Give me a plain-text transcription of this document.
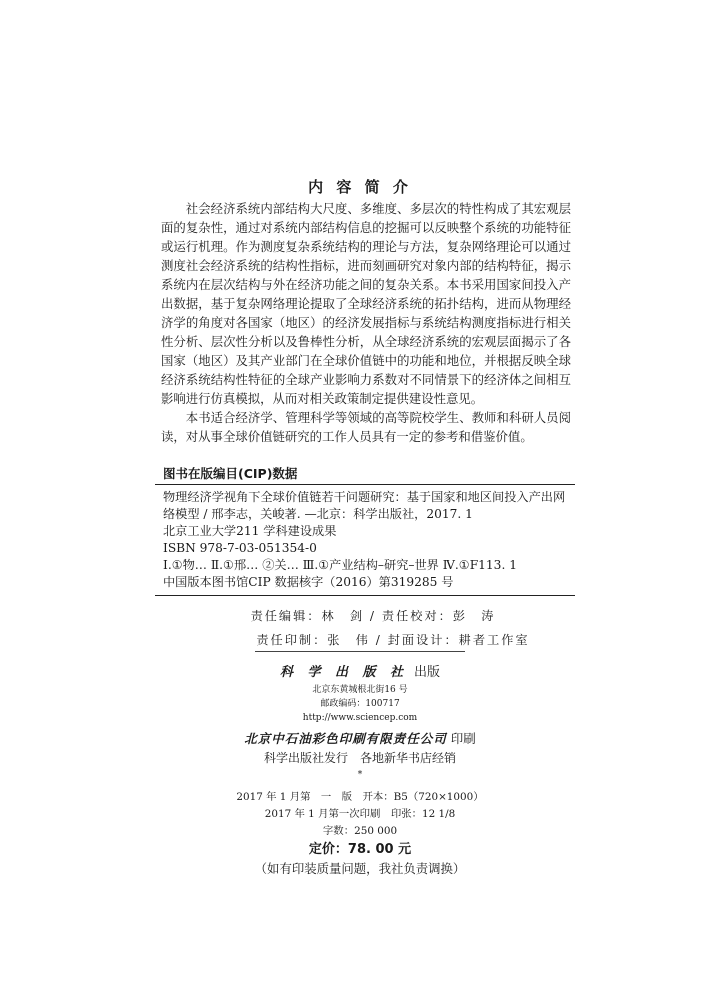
内 容 简 介

社会经济系统内部结构大尺度、多维度、多层次的特性构成了其宏观层面的复杂性，通过对系统内部结构信息的挖掘可以反映整个系统的功能特征或运行机理。作为测度复杂系统结构的理论与方法，复杂网络理论可以通过测度社会经济系统的结构性指标，进而刻画研究对象内部的结构特征，揭示系统内在层次结构与外在经济功能之间的复杂关系。本书采用国家间投入产出数据，基于复杂网络理论提取了全球经济系统的拓扑结构，进而从物理经济学的角度对各国家（地区）的经济发展指标与系统结构测度指标进行相关性分析、层次性分析以及鲁棒性分析，从全球经济系统的宏观层面揭示了各国家（地区）及其产业部门在全球价值链中的功能和地位，并根据反映全球经济系统结构性特征的全球产业影响力系数对不同情景下的经济体之间相互影响进行仿真模拟，从而对相关政策制定提供建设性意见。

本书适合经济学、管理科学等领域的高等院校学生、教师和科研人员阅读，对从事全球价值链研究的工作人员具有一定的参考和借鉴价值。

图书在版编目(CIP)数据
物理经济学视角下全球价值链若干问题研究：基于国家和地区间投入产出网络模型 / 邢李志，关峻著. —北京：科学出版社，2017. 1
北京工业大学211 学科建设成果
ISBN 978-7-03-051354-0
Ⅰ.①物… Ⅱ.①邢… ②关… Ⅲ.①产业结构–研究–世界 Ⅳ.①F113. 1
中国版本图书馆CIP 数据核字（2016）第319285 号
责任编辑：林　剑 / 责任校对：彭　涛
责任印制：张　伟 / 封面设计：耕者工作室
科 学 出 版 社 出版
北京东黄城根北街16 号
邮政编码：100717
http://www.sciencep.com
北京中石油彩色印刷有限责任公司 印刷
科学出版社发行　各地新华书店经销
*
2017 年 1 月第　一　版　开本：B5（720×1000）
2017 年 1 月第一次印刷　印张：12 1/8
字数：250 000
定价：78. 00 元
（如有印装质量问题，我社负责调换）
